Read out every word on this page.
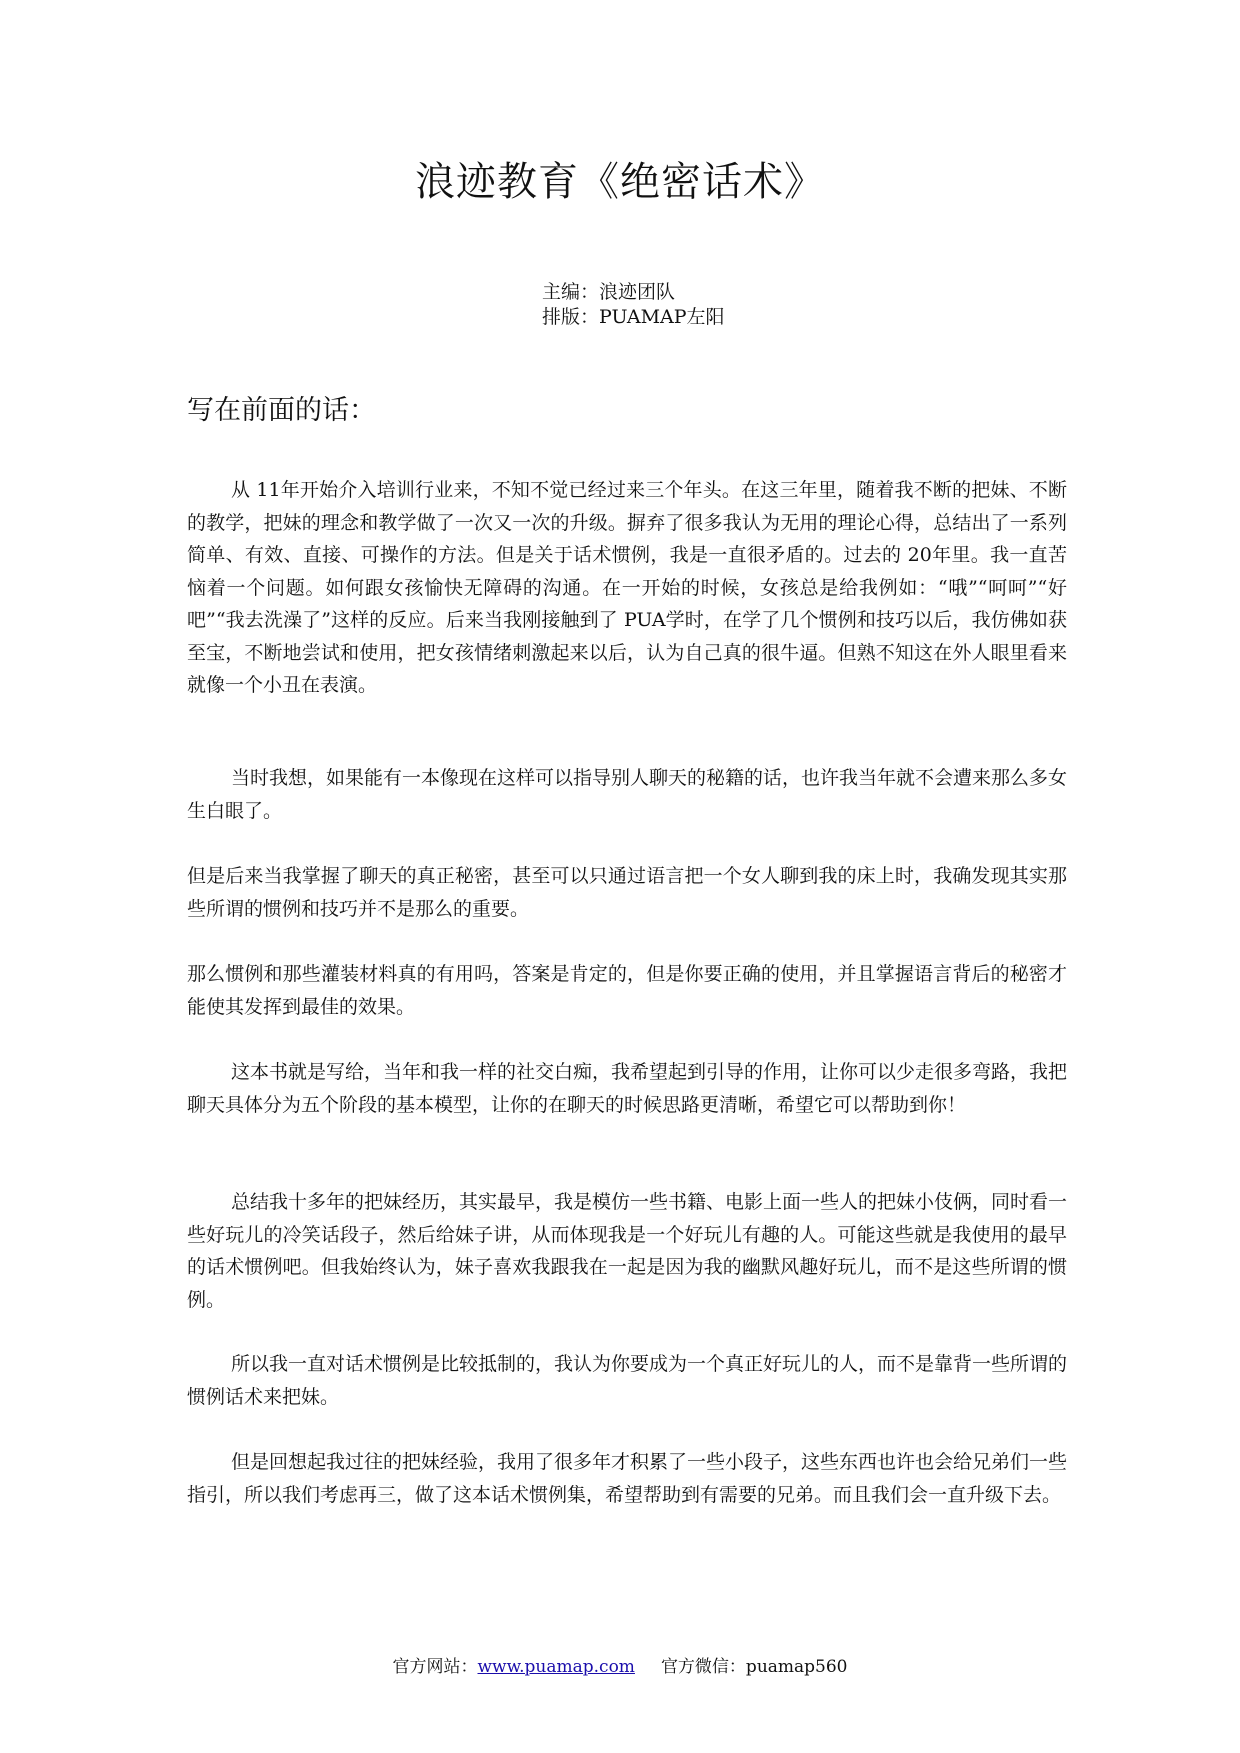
浪迹教育《绝密话术》
主编：浪迹团队
排版：PUAMAP左阳
写在前面的话：

从 11年开始介入培训行业来，不知不觉已经过来三个年头。在这三年里，随着我不断的把妹、不断的教学，把妹的理念和教学做了一次又一次的升级。摒弃了很多我认为无用的理论心得，总结出了一系列简单、有效、直接、可操作的方法。但是关于话术惯例，我是一直很矛盾的。过去的 20年里。我一直苦恼着一个问题。如何跟女孩愉快无障碍的沟通。在一开始的时候，女孩总是给我例如：“哦”“呵呵”“好吧”“我去洗澡了”这样的反应。后来当我刚接触到了 PUA学时，在学了几个惯例和技巧以后，我仿佛如获至宝，不断地尝试和使用，把女孩情绪刺激起来以后，认为自己真的很牛逼。但熟不知这在外人眼里看来就像一个小丑在表演。

当时我想，如果能有一本像现在这样可以指导别人聊天的秘籍的话，也许我当年就不会遭来那么多女生白眼了。

但是后来当我掌握了聊天的真正秘密，甚至可以只通过语言把一个女人聊到我的床上时，我确发现其实那些所谓的惯例和技巧并不是那么的重要。

那么惯例和那些灌装材料真的有用吗，答案是肯定的，但是你要正确的使用，并且掌握语言背后的秘密才能使其发挥到最佳的效果。

这本书就是写给，当年和我一样的社交白痴，我希望起到引导的作用，让你可以少走很多弯路，我把聊天具体分为五个阶段的基本模型，让你的在聊天的时候思路更清晰，希望它可以帮助到你！

总结我十多年的把妹经历，其实最早，我是模仿一些书籍、电影上面一些人的把妹小伎俩，同时看一些好玩儿的冷笑话段子，然后给妹子讲，从而体现我是一个好玩儿有趣的人。可能这些就是我使用的最早的话术惯例吧。但我始终认为，妹子喜欢我跟我在一起是因为我的幽默风趣好玩儿，而不是这些所谓的惯例。

所以我一直对话术惯例是比较抵制的，我认为你要成为一个真正好玩儿的人，而不是靠背一些所谓的惯例话术来把妹。

但是回想起我过往的把妹经验，我用了很多年才积累了一些小段子，这些东西也许也会给兄弟们一些指引，所以我们考虑再三，做了这本话术惯例集，希望帮助到有需要的兄弟。而且我们会一直升级下去。

官方网站：www.puamap.com 官方微信：puamap560
